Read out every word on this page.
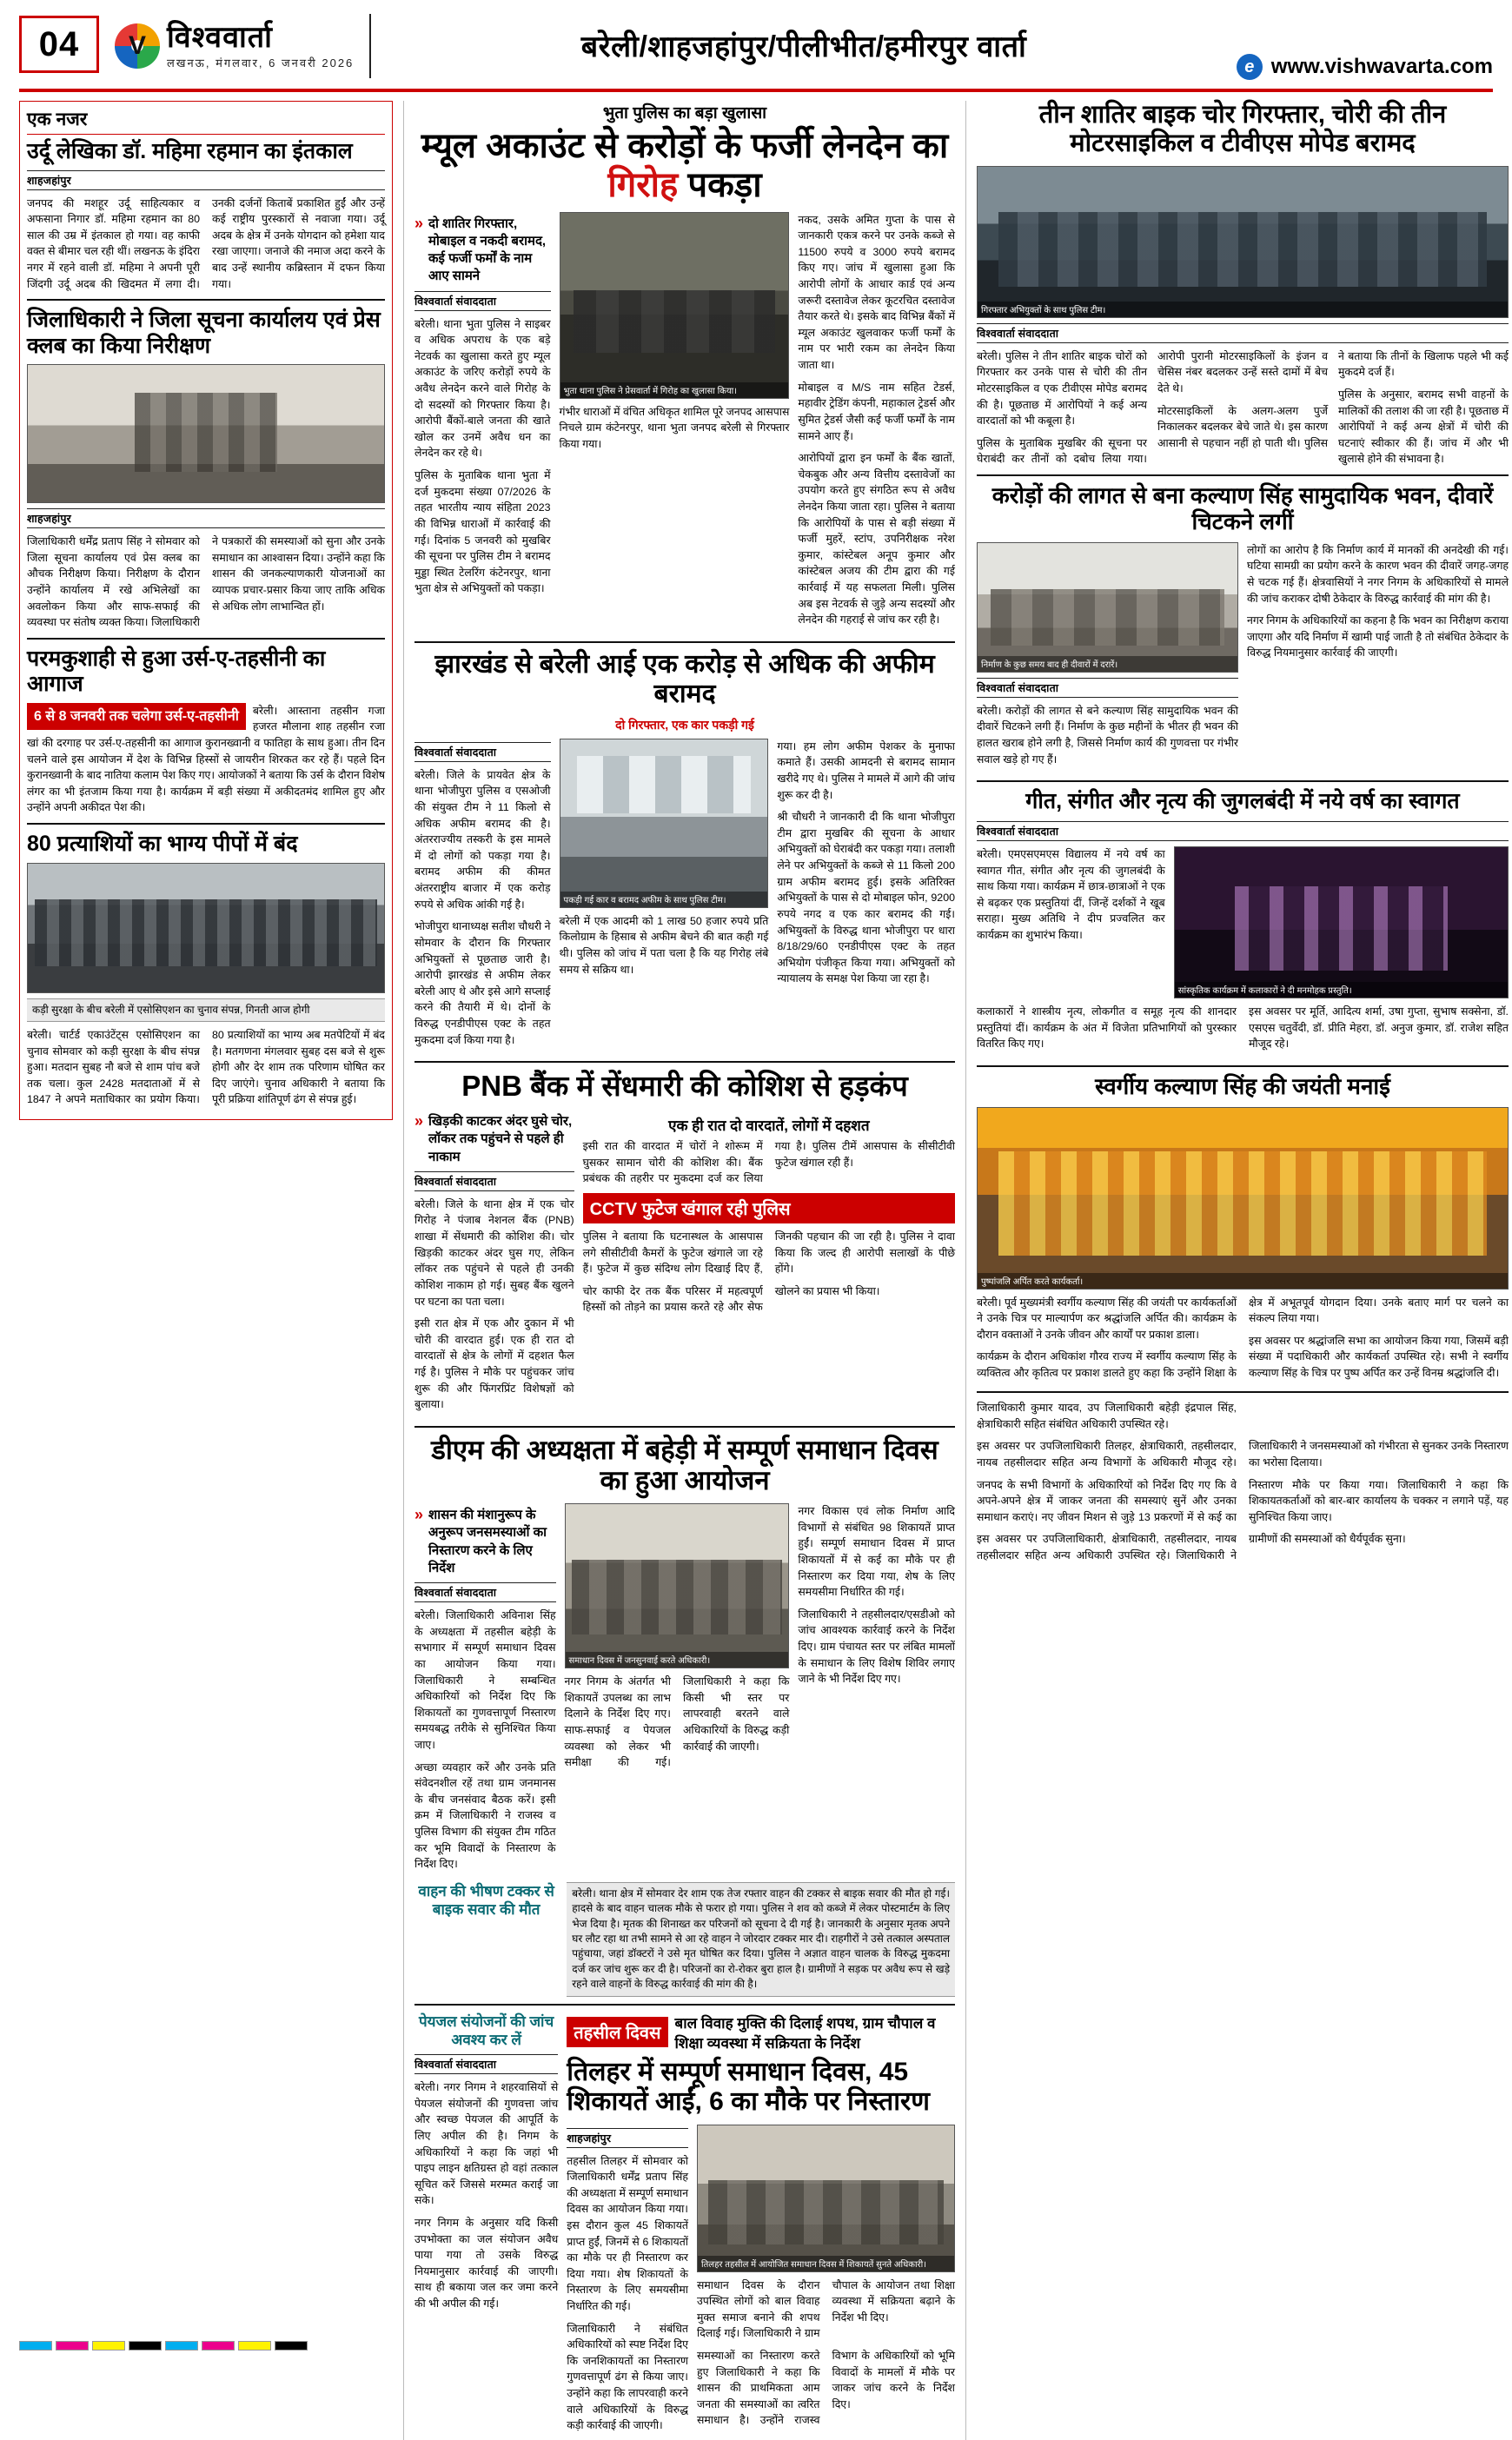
04 V	विश्ववार्ता
लखनऊ, मंगलवार, 6 जनवरी 2026	बरेली/शाहजहांपुर/पीलीभीत/हमीरपुर वार्ता
e
www.vishwavarta.com
एक नजर
उर्दू लेखिका डॉ. महिमा रहमान का इंतकाल
शाहजहांपुर

जनपद की मशहूर उर्दू साहित्यकार व अफसाना निगार डॉ. महिमा रहमान का 80 साल की उम्र में इंतकाल हो गया। वह काफी वक्त से बीमार चल रही थीं। लखनऊ के इंदिरा नगर में रहने वाली डॉ. महिमा ने अपनी पूरी जिंदगी उर्दू अदब की खिदमत में लगा दी। उनकी दर्जनों किताबें प्रकाशित हुईं और उन्हें कई राष्ट्रीय पुरस्कारों से नवाजा गया। उर्दू अदब के क्षेत्र में उनके योगदान को हमेशा याद रखा जाएगा। जनाजे की नमाज अदा करने के बाद उन्हें स्थानीय कब्रिस्तान में दफन किया गया।

जिलाधिकारी ने जिला सूचना कार्यालय एवं प्रेस क्लब का किया निरीक्षण
शाहजहांपुर

जिलाधिकारी धर्मेंद्र प्रताप सिंह ने सोमवार को जिला सूचना कार्यालय एवं प्रेस क्लब का औचक निरीक्षण किया। निरीक्षण के दौरान उन्होंने कार्यालय में रखे अभिलेखों का अवलोकन किया और साफ-सफाई की व्यवस्था पर संतोष व्यक्त किया। जिलाधिकारी ने पत्रकारों की समस्याओं को सुना और उनके समाधान का आश्वासन दिया। उन्होंने कहा कि शासन की जनकल्याणकारी योजनाओं का व्यापक प्रचार-प्रसार किया जाए ताकि अधिक से अधिक लोग लाभान्वित हों।

परमकुशाही से हुआ उर्स-ए-तहसीनी का आगाज
6 से 8 जनवरी तक चलेगा उर्स-ए-तहसीनी	बरेली। आस्ताना तहसीन गजा हजरत मौलाना शाह तहसीन रजा खां की दरगाह पर उर्स-ए-तहसीनी का आगाज कुरानख्वानी व फातिहा के साथ हुआ। तीन दिन चलने वाले इस आयोजन में देश के विभिन्न हिस्सों से जायरीन शिरकत कर रहे हैं। पहले दिन कुरानख्वानी के बाद नातिया कलाम पेश किए गए। आयोजकों ने बताया कि उर्स के दौरान विशेष लंगर का भी इंतजाम किया गया है। कार्यक्रम में बड़ी संख्या में अकीदतमंद शामिल हुए और उन्होंने अपनी अकीदत पेश की।

80 प्रत्याशियों का भाग्य पीपों में बंद
कड़ी सुरक्षा के बीच बरेली में एसोसिएशन का चुनाव संपन्न, गिनती आज होगी

बरेली। चार्टर्ड एकाउंटेंट्स एसोसिएशन का चुनाव सोमवार को कड़ी सुरक्षा के बीच संपन्न हुआ। मतदान सुबह नौ बजे से शाम पांच बजे तक चला। कुल 2428 मतदाताओं में से 1847 ने अपने मताधिकार का प्रयोग किया। 80 प्रत्याशियों का भाग्य अब मतपेटियों में बंद है। मतगणना मंगलवार सुबह दस बजे से शुरू होगी और देर शाम तक परिणाम घोषित कर दिए जाएंगे। चुनाव अधिकारी ने बताया कि पूरी प्रक्रिया शांतिपूर्ण ढंग से संपन्न हुई।

भुता पुलिस का बड़ा खुलासा
म्यूल अकाउंट से करोड़ों के फर्जी लेनदेन का गिरोह पकड़ा
» दो शातिर गिरफ्तार, मोबाइल व नकदी बरामद, कई फर्जी फर्मों के नाम आए सामने
विश्ववार्ता संवाददाता

बरेली। थाना भुता पुलिस ने साइबर व अधिक अपराध के एक बड़े नेटवर्क का खुलासा करते हुए म्यूल अकाउंट के जरिए करोड़ों रुपये के अवैध लेनदेन करने वाले गिरोह के दो सदस्यों को गिरफ्तार किया है। आरोपी बैंकों-बाले जनता की खाते खोल कर उनमें अवैध धन का लेनदेन कर रहे थे।

पुलिस के मुताबिक थाना भुता में दर्ज मुकदमा संख्या 07/2026 के तहत भारतीय न्याय संहिता 2023 की विभिन्न धाराओं में कार्रवाई की गई। दिनांक 5 जनवरी को मुखबिर की सूचना पर पुलिस टीम ने बरामद मुड्डा स्थित टेलरिंग कंटेनरपुर, थाना भुता क्षेत्र से अभियुक्तों को पकड़ा।

भुता थाना पुलिस ने प्रेसवार्ता में गिरोह का खुलासा किया।

गंभीर धाराओं में वंचित अधिकृत शामिल पूरे जनपद आसपास निचले ग्राम कंटेनरपुर, थाना भुता जनपद बरेली से गिरफ्तार किया गया।

नकद, उसके अमित गुप्ता के पास से जानकारी एकत्र करने पर उनके कब्जे से 11500 रुपये व 3000 रुपये बरामद किए गए। जांच में खुलासा हुआ कि आरोपी लोगों के आधार कार्ड एवं अन्य जरूरी दस्तावेज लेकर कूटरचित दस्तावेज तैयार करते थे। इसके बाद विभिन्न बैंकों में म्यूल अकाउंट खुलवाकर फर्जी फर्मों के नाम पर भारी रकम का लेनदेन किया जाता था।

मोबाइल व M/S नाम सहित टेडर्स, महावीर ट्रेडिंग कंपनी, महाकाल ट्रेडर्स और सुमित ट्रेडर्स जैसी कई फर्जी फर्मों के नाम सामने आए हैं।

आरोपियों द्वारा इन फर्मों के बैंक खातों, चेकबुक और अन्य वित्तीय दस्तावेजों का उपयोग करते हुए संगठित रूप से अवैध लेनदेन किया जाता रहा। पुलिस ने बताया कि आरोपियों के पास से बड़ी संख्या में फर्जी मुहरें, स्टांप, उपनिरीक्षक नरेश कुमार, कांस्टेबल अनूप कुमार और कांस्टेबल अजय की टीम द्वारा की गई कार्रवाई में यह सफलता मिली। पुलिस अब इस नेटवर्क से जुड़े अन्य सदस्यों और लेनदेन की गहराई से जांच कर रही है।

झारखंड से बरेली आई एक करोड़ से अधिक की अफीम बरामद
दो गिरफ्तार, एक कार पकड़ी गई
विश्ववार्ता संवाददाता

बरेली। जिले के प्रायवेत क्षेत्र के थाना भोजीपुरा पुलिस व एसओजी की संयुक्त टीम ने 11 किलो से अधिक अफीम बरामद की है। अंतरराज्यीय तस्करी के इस मामले में दो लोगों को पकड़ा गया है। बरामद अफीम की कीमत अंतरराष्ट्रीय बाजार में एक करोड़ रुपये से अधिक आंकी गई है।

भोजीपुरा थानाध्यक्ष सतीश चौधरी ने सोमवार के दौरान कि गिरफ्तार अभियुक्तों से पूछताछ जारी है। आरोपी झारखंड से अफीम लेकर बरेली आए थे और इसे आगे सप्लाई करने की तैयारी में थे। दोनों के विरुद्ध एनडीपीएस एक्ट के तहत मुकदमा दर्ज किया गया है।

पकड़ी गई कार व बरामद अफीम के साथ पुलिस टीम।

बरेली में एक आदमी को 1 लाख 50 हजार रुपये प्रति किलोग्राम के हिसाब से अफीम बेचने की बात कही गई थी। पुलिस को जांच में पता चला है कि यह गिरोह लंबे समय से सक्रिय था।

गया। हम लोग अफीम पेशकर के मुनाफा कमाते हैं। उसकी आमदनी से बरामद सामान खरीदे गए थे। पुलिस ने मामले में आगे की जांच शुरू कर दी है।

श्री चौधरी ने जानकारी दी कि थाना भोजीपुरा टीम द्वारा मुखबिर की सूचना के आधार अभियुक्तों को घेराबंदी कर पकड़ा गया। तलाशी लेने पर अभियुक्तों के कब्जे से 11 किलो 200 ग्राम अफीम बरामद हुई। इसके अतिरिक्त अभियुक्तों के पास से दो मोबाइल फोन, 9200 रुपये नगद व एक कार बरामद की गई। अभियुक्तों के विरुद्ध थाना भोजीपुरा पर धारा 8/18/29/60 एनडीपीएस एक्ट के तहत अभियोग पंजीकृत किया गया। अभियुक्तों को न्यायालय के समक्ष पेश किया जा रहा है।

PNB बैंक में सेंधमारी की कोशिश से हड़कंप
» खिड़की काटकर अंदर घुसे चोर, लॉकर तक पहुंचने से पहले ही नाकाम
विश्ववार्ता संवाददाता

बरेली। जिले के थाना क्षेत्र में एक चोर गिरोह ने पंजाब नेशनल बैंक (PNB) शाखा में सेंधमारी की कोशिश की। चोर खिड़की काटकर अंदर घुस गए, लेकिन लॉकर तक पहुंचने से पहले ही उनकी कोशिश नाकाम हो गई। सुबह बैंक खुलने पर घटना का पता चला।

इसी रात क्षेत्र में एक और दुकान में भी चोरी की वारदात हुई। एक ही रात दो वारदातों से क्षेत्र के लोगों में दहशत फैल गई है। पुलिस ने मौके पर पहुंचकर जांच शुरू की और फिंगरप्रिंट विशेषज्ञों को बुलाया।

एक ही रात दो वारदातें, लोगों में दहशत

इसी रात की वारदात में चोरों ने शोरूम में घुसकर सामान चोरी की कोशिश की। बैंक प्रबंधक की तहरीर पर मुकदमा दर्ज कर लिया गया है। पुलिस टीमें आसपास के सीसीटीवी फुटेज खंगाल रही हैं।

CCTV फुटेज खंगाल रही पुलिस

पुलिस ने बताया कि घटनास्थल के आसपास लगे सीसीटीवी कैमरों के फुटेज खंगाले जा रहे हैं। फुटेज में कुछ संदिग्ध लोग दिखाई दिए हैं, जिनकी पहचान की जा रही है। पुलिस ने दावा किया कि जल्द ही आरोपी सलाखों के पीछे होंगे।

चोर काफी देर तक बैंक परिसर में महत्वपूर्ण हिस्सों को तोड़ने का प्रयास करते रहे और सेफ खोलने का प्रयास भी किया।

डीएम की अध्यक्षता में बहेड़ी में सम्पूर्ण समाधान दिवस का हुआ आयोजन
» शासन की मंशानुरूप के अनुरूप जनसमस्याओं का निस्तारण करने के लिए निर्देश
विश्ववार्ता संवाददाता

बरेली। जिलाधिकारी अविनाश सिंह के अध्यक्षता में तहसील बहेड़ी के सभागार में सम्पूर्ण समाधान दिवस का आयोजन किया गया। जिलाधिकारी ने सम्बन्धित अधिकारियों को निर्देश दिए कि शिकायतों का गुणवत्तापूर्ण निस्तारण समयबद्ध तरीके से सुनिश्चित किया जाए।

अच्छा व्यवहार करें और उनके प्रति संवेदनशील रहें तथा ग्राम जनमानस के बीच जनसंवाद बैठक करें। इसी क्रम में जिलाधिकारी ने राजस्व व पुलिस विभाग की संयुक्त टीम गठित कर भूमि विवादों के निस्तारण के निर्देश दिए।

समाधान दिवस में जनसुनवाई करते अधिकारी।

नगर निगम के अंतर्गत भी शिकायतें उपलब्ध का लाभ दिलाने के निर्देश दिए गए। साफ-सफाई व पेयजल व्यवस्था को लेकर भी समीक्षा की गई। जिलाधिकारी ने कहा कि किसी भी स्तर पर लापरवाही बरतने वाले अधिकारियों के विरुद्ध कड़ी कार्रवाई की जाएगी।

नगर विकास एवं लोक निर्माण आदि विभागों से संबंधित 98 शिकायतें प्राप्त हुईं। सम्पूर्ण समाधान दिवस में प्राप्त शिकायतों में से कई का मौके पर ही निस्तारण कर दिया गया, शेष के लिए समयसीमा निर्धारित की गई।

जिलाधिकारी ने तहसीलदार/एसडीओ को जांच आवश्यक कार्रवाई करने के निर्देश दिए। ग्राम पंचायत स्तर पर लंबित मामलों के समाधान के लिए विशेष शिविर लगाए जाने के भी निर्देश दिए गए।

वाहन की भीषण टक्कर से बाइक सवार की मौत
बरेली। थाना क्षेत्र में सोमवार देर शाम एक तेज रफ्तार वाहन की टक्कर से बाइक सवार की मौत हो गई। हादसे के बाद वाहन चालक मौके से फरार हो गया। पुलिस ने शव को कब्जे में लेकर पोस्टमार्टम के लिए भेज दिया है। मृतक की शिनाख्त कर परिजनों को सूचना दे दी गई है। जानकारी के अनुसार मृतक अपने घर लौट रहा था तभी सामने से आ रहे वाहन ने जोरदार टक्कर मार दी। राहगीरों ने उसे तत्काल अस्पताल पहुंचाया, जहां डॉक्टरों ने उसे मृत घोषित कर दिया। पुलिस ने अज्ञात वाहन चालक के विरुद्ध मुकदमा दर्ज कर जांच शुरू कर दी है। परिजनों का रो-रोकर बुरा हाल है। ग्रामीणों ने सड़क पर अवैध रूप से खड़े रहने वाले वाहनों के विरुद्ध कार्रवाई की मांग की है।
पेयजल संयोजनों की जांच अवश्य कर लें
विश्ववार्ता संवाददाता

बरेली। नगर निगम ने शहरवासियों से पेयजल संयोजनों की गुणवत्ता जांच और स्वच्छ पेयजल की आपूर्ति के लिए अपील की है। निगम के अधिकारियों ने कहा कि जहां भी पाइप लाइन क्षतिग्रस्त हो वहां तत्काल सूचित करें जिससे मरम्मत कराई जा सके।

नगर निगम के अनुसार यदि किसी उपभोक्ता का जल संयोजन अवैध पाया गया तो उसके विरुद्ध नियमानुसार कार्रवाई की जाएगी। साथ ही बकाया जल कर जमा करने की भी अपील की गई।

तहसील दिवस
बाल विवाह मुक्ति की दिलाई शपथ, ग्राम चौपाल व शिक्षा व्यवस्था में सक्रियता के निर्देश
तिलहर में सम्पूर्ण समाधान दिवस, 45 शिकायतें आईं, 6 का मौके पर निस्तारण
शाहजहांपुर

तहसील तिलहर में सोमवार को जिलाधिकारी धर्मेंद्र प्रताप सिंह की अध्यक्षता में सम्पूर्ण समाधान दिवस का आयोजन किया गया। इस दौरान कुल 45 शिकायतें प्राप्त हुईं, जिनमें से 6 शिकायतों का मौके पर ही निस्तारण कर दिया गया। शेष शिकायतों के निस्तारण के लिए समयसीमा निर्धारित की गई।

जिलाधिकारी ने संबंधित अधिकारियों को स्पष्ट निर्देश दिए कि जनशिकायतों का निस्तारण गुणवत्तापूर्ण ढंग से किया जाए। उन्होंने कहा कि लापरवाही करने वाले अधिकारियों के विरुद्ध कड़ी कार्रवाई की जाएगी।

तिलहर तहसील में आयोजित समाधान दिवस में शिकायतें सुनते अधिकारी।

समाधान दिवस के दौरान उपस्थित लोगों को बाल विवाह मुक्त समाज बनाने की शपथ दिलाई गई। जिलाधिकारी ने ग्राम चौपाल के आयोजन तथा शिक्षा व्यवस्था में सक्रियता बढ़ाने के निर्देश भी दिए।

समस्याओं का निस्तारण करते हुए जिलाधिकारी ने कहा कि शासन की प्राथमिकता आम जनता की समस्याओं का त्वरित समाधान है। उन्होंने राजस्व विभाग के अधिकारियों को भूमि विवादों के मामलों में मौके पर जाकर जांच करने के निर्देश दिए।

तीन शातिर बाइक चोर गिरफ्तार, चोरी की तीन मोटरसाइकिल व टीवीएस मोपेड बरामद
गिरफ्तार अभियुक्तों के साथ पुलिस टीम।
विश्ववार्ता संवाददाता

बरेली। पुलिस ने तीन शातिर बाइक चोरों को गिरफ्तार कर उनके पास से चोरी की तीन मोटरसाइकिल व एक टीवीएस मोपेड बरामद की है। पूछताछ में आरोपियों ने कई अन्य वारदातों को भी कबूला है।

पुलिस के मुताबिक मुखबिर की सूचना पर घेराबंदी कर तीनों को दबोच लिया गया। आरोपी पुरानी मोटरसाइकिलों के इंजन व चेसिस नंबर बदलकर उन्हें सस्ते दामों में बेच देते थे।

मोटरसाइकिलों के अलग-अलग पुर्जे निकालकर बदलकर बेचे जाते थे। इस कारण आसानी से पहचान नहीं हो पाती थी। पुलिस ने बताया कि तीनों के खिलाफ पहले भी कई मुकदमे दर्ज हैं।

पुलिस के अनुसार, बरामद सभी वाहनों के मालिकों की तलाश की जा रही है। पूछताछ में आरोपियों ने कई अन्य क्षेत्रों में चोरी की घटनाएं स्वीकार की हैं। जांच में और भी खुलासे होने की संभावना है।

करोड़ों की लागत से बना कल्याण सिंह सामुदायिक भवन, दीवारें चिटकने लगीं
निर्माण के कुछ समय बाद ही दीवारों में दरारें।
विश्ववार्ता संवाददाता

बरेली। करोड़ों की लागत से बने कल्याण सिंह सामुदायिक भवन की दीवारें चिटकने लगी हैं। निर्माण के कुछ महीनों के भीतर ही भवन की हालत खराब होने लगी है, जिससे निर्माण कार्य की गुणवत्ता पर गंभीर सवाल खड़े हो गए हैं।

लोगों का आरोप है कि निर्माण कार्य में मानकों की अनदेखी की गई। घटिया सामग्री का प्रयोग करने के कारण भवन की दीवारें जगह-जगह से चटक गई हैं। क्षेत्रवासियों ने नगर निगम के अधिकारियों से मामले की जांच कराकर दोषी ठेकेदार के विरुद्ध कार्रवाई की मांग की है।

नगर निगम के अधिकारियों का कहना है कि भवन का निरीक्षण कराया जाएगा और यदि निर्माण में खामी पाई जाती है तो संबंधित ठेकेदार के विरुद्ध नियमानुसार कार्रवाई की जाएगी।

गीत, संगीत और नृत्य की जुगलबंदी में नये वर्ष का स्वागत
विश्ववार्ता संवाददाता

बरेली। एमएसएमएस विद्यालय में नये वर्ष का स्वागत गीत, संगीत और नृत्य की जुगलबंदी के साथ किया गया। कार्यक्रम में छात्र-छात्राओं ने एक से बढ़कर एक प्रस्तुतियां दीं, जिन्हें दर्शकों ने खूब सराहा। मुख्य अतिथि ने दीप प्रज्वलित कर कार्यक्रम का शुभारंभ किया।

सांस्कृतिक कार्यक्रम में कलाकारों ने दी मनमोहक प्रस्तुति।

कलाकारों ने शास्त्रीय नृत्य, लोकगीत व समूह नृत्य की शानदार प्रस्तुतियां दीं। कार्यक्रम के अंत में विजेता प्रतिभागियों को पुरस्कार वितरित किए गए।

इस अवसर पर मूर्ति, आदित्य शर्मा, उषा गुप्ता, सुभाष सक्सेना, डॉ. एसएस चतुर्वेदी, डॉ. प्रीति मेहरा, डॉ. अनुज कुमार, डॉ. राजेश सहित मौजूद रहे।

स्वर्गीय कल्याण सिंह की जयंती मनाई
पुष्पांजलि अर्पित करते कार्यकर्ता।

बरेली। पूर्व मुख्यमंत्री स्वर्गीय कल्याण सिंह की जयंती पर कार्यकर्ताओं ने उनके चित्र पर माल्यार्पण कर श्रद्धांजलि अर्पित की। कार्यक्रम के दौरान वक्ताओं ने उनके जीवन और कार्यों पर प्रकाश डाला।

कार्यक्रम के दौरान अधिकांश गौरव राज्य में स्वर्गीय कल्याण सिंह के व्यक्तित्व और कृतित्व पर प्रकाश डालते हुए कहा कि उन्होंने शिक्षा के क्षेत्र में अभूतपूर्व योगदान दिया। उनके बताए मार्ग पर चलने का संकल्प लिया गया।

इस अवसर पर श्रद्धांजलि सभा का आयोजन किया गया, जिसमें बड़ी संख्या में पदाधिकारी और कार्यकर्ता उपस्थित रहे। सभी ने स्वर्गीय कल्याण सिंह के चित्र पर पुष्प अर्पित कर उन्हें विनम्र श्रद्धांजलि दी।

जिलाधिकारी कुमार यादव, उप जिलाधिकारी बहेड़ी इंद्रपाल सिंह, क्षेत्राधिकारी सहित संबंधित अधिकारी उपस्थित रहे।

इस अवसर पर उपजिलाधिकारी तिलहर, क्षेत्राधिकारी, तहसीलदार, नायब तहसीलदार सहित अन्य विभागों के अधिकारी मौजूद रहे। जिलाधिकारी ने जनसमस्याओं को गंभीरता से सुनकर उनके निस्तारण का भरोसा दिलाया।

जनपद के सभी विभागों के अधिकारियों को निर्देश दिए गए कि वे अपने-अपने क्षेत्र में जाकर जनता की समस्याएं सुनें और उनका समाधान कराएं। नए जीवन मिशन से जुड़े 13 प्रकरणों में से कई का निस्तारण मौके पर किया गया। जिलाधिकारी ने कहा कि शिकायतकर्ताओं को बार-बार कार्यालय के चक्कर न लगाने पड़ें, यह सुनिश्चित किया जाए।

इस अवसर पर उपजिलाधिकारी, क्षेत्राधिकारी, तहसीलदार, नायब तहसीलदार सहित अन्य अधिकारी उपस्थित रहे। जिलाधिकारी ने ग्रामीणों की समस्याओं को धैर्यपूर्वक सुना।
